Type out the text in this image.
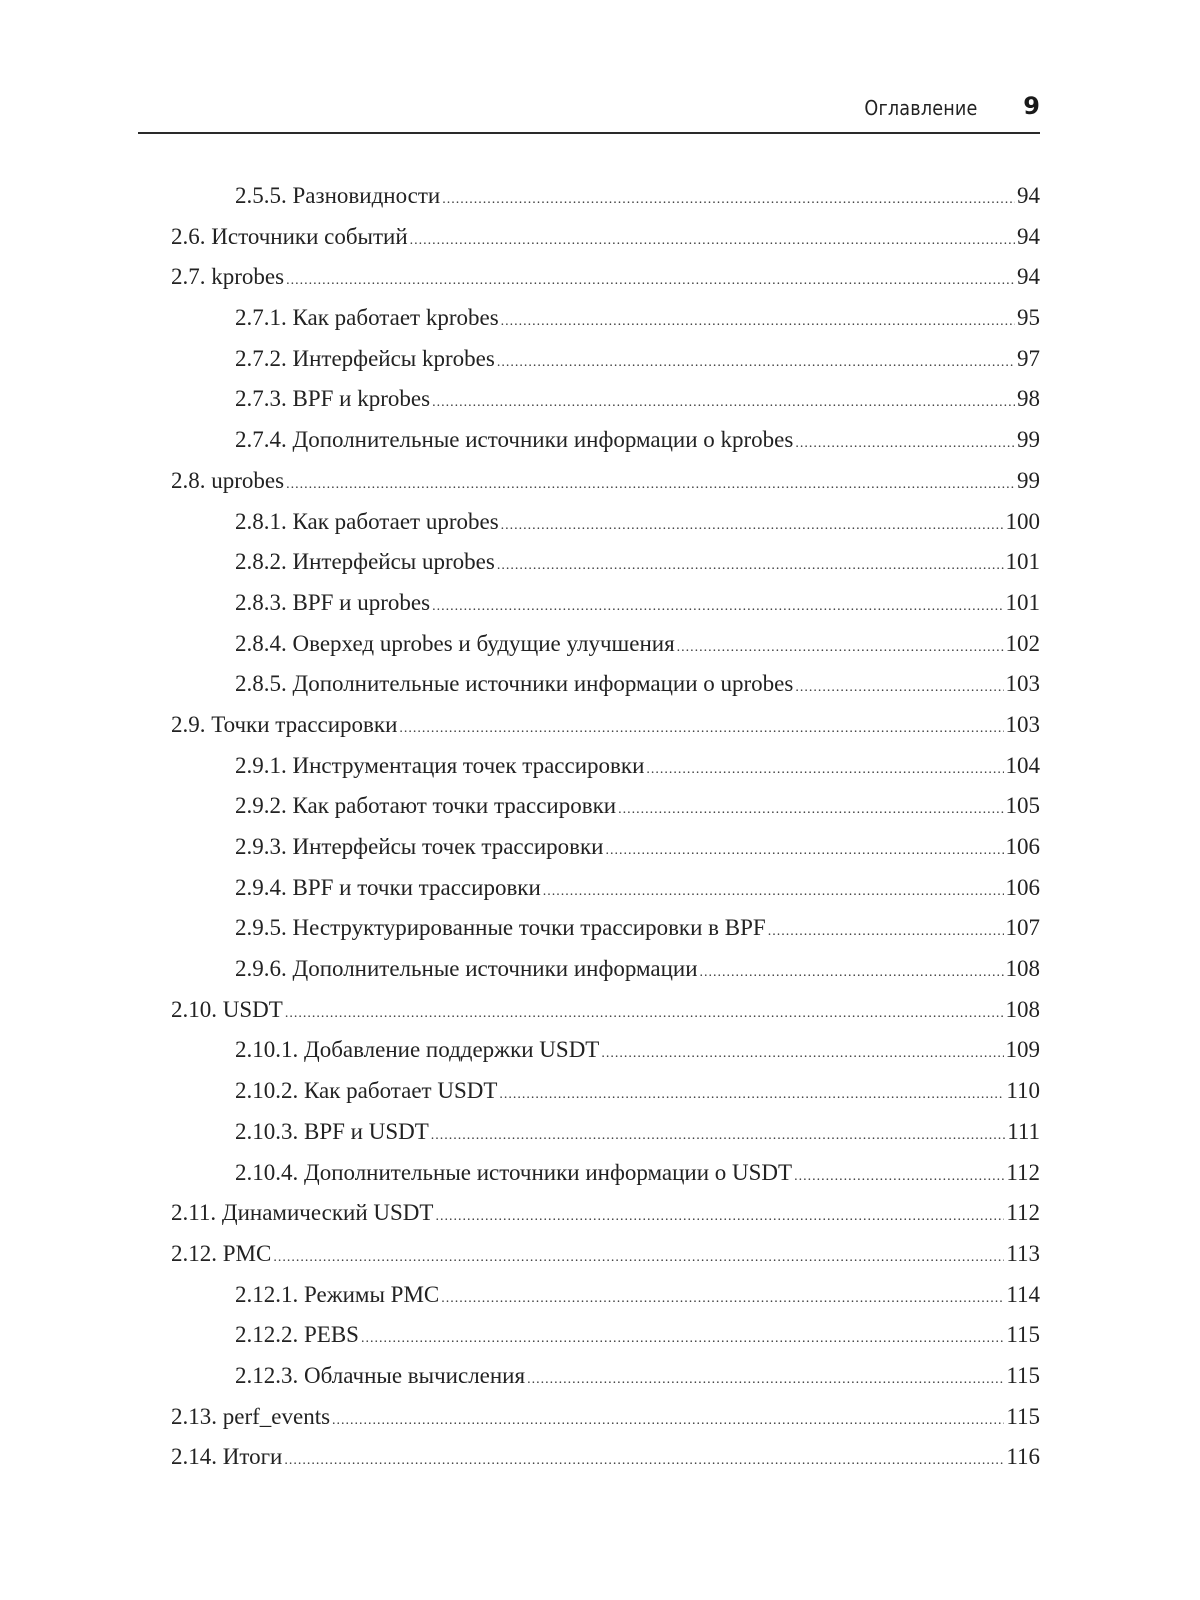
Оглавление 9
2.5.5. Разновидности .....	94
2.6. Источники событий .....	94
2.7. kprobes .....	94
2.7.1. Как работает kprobes .....	95
2.7.2. Интерфейсы kprobes .....	97
2.7.3. BPF и kprobes .....	98
2.7.4. Дополнительные источники информации о kprobes .....	99
2.8. uprobes .....	99
2.8.1. Как работает uprobes .....	100
2.8.2. Интерфейсы uprobes .....	101
2.8.3. BPF и uprobes .....	101
2.8.4. Оверхед uprobes и будущие улучшения .....	102
2.8.5. Дополнительные источники информации о uprobes .....	103
2.9. Точки трассировки .....	103
2.9.1. Инструментация точек трассировки .....	104
2.9.2. Как работают точки трассировки .....	105
2.9.3. Интерфейсы точек трассировки .....	106
2.9.4. BPF и точки трассировки .....	106
2.9.5. Неструктурированные точки трассировки в BPF .....	107
2.9.6. Дополнительные источники информации .....	108
2.10. USDT .....	108
2.10.1. Добавление поддержки USDT .....	109
2.10.2. Как работает USDT .....	110
2.10.3. BPF и USDT .....	111
2.10.4. Дополнительные источники информации о USDT .....	112
2.11. Динамический USDT .....	112
2.12. PMC .....	113
2.12.1. Режимы PMC .....	114
2.12.2. PEBS .....	115
2.12.3. Облачные вычисления .....	115
2.13. perf_events .....	115
2.14. Итоги .....	116
